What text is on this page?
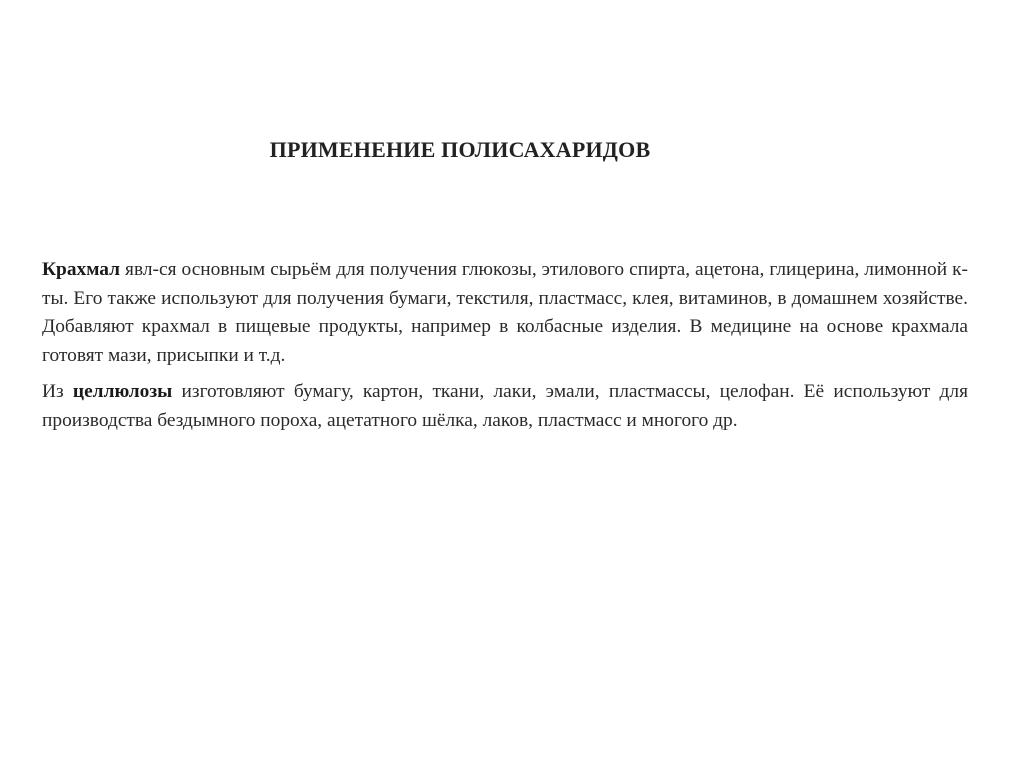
ПРИМЕНЕНИЕ ПОЛИСАХАРИДОВ
Крахмал явл-ся основным сырьём для получения глюкозы, этилового спирта, ацетона, глицерина, лимонной к-ты. Его также используют для получения бумаги, текстиля, пластмасс, клея, витаминов, в домашнем хозяйстве. Добавляют крахмал в пищевые продукты, например в колбасные изделия. В медицине на основе крахмала готовят мази, присыпки и т.д.
Из целлюлозы изготовляют бумагу, картон, ткани, лаки, эмали, пластмассы, целофан. Её используют для производства бездымного пороха, ацетатного шёлка, лаков, пластмасс и многого др.
